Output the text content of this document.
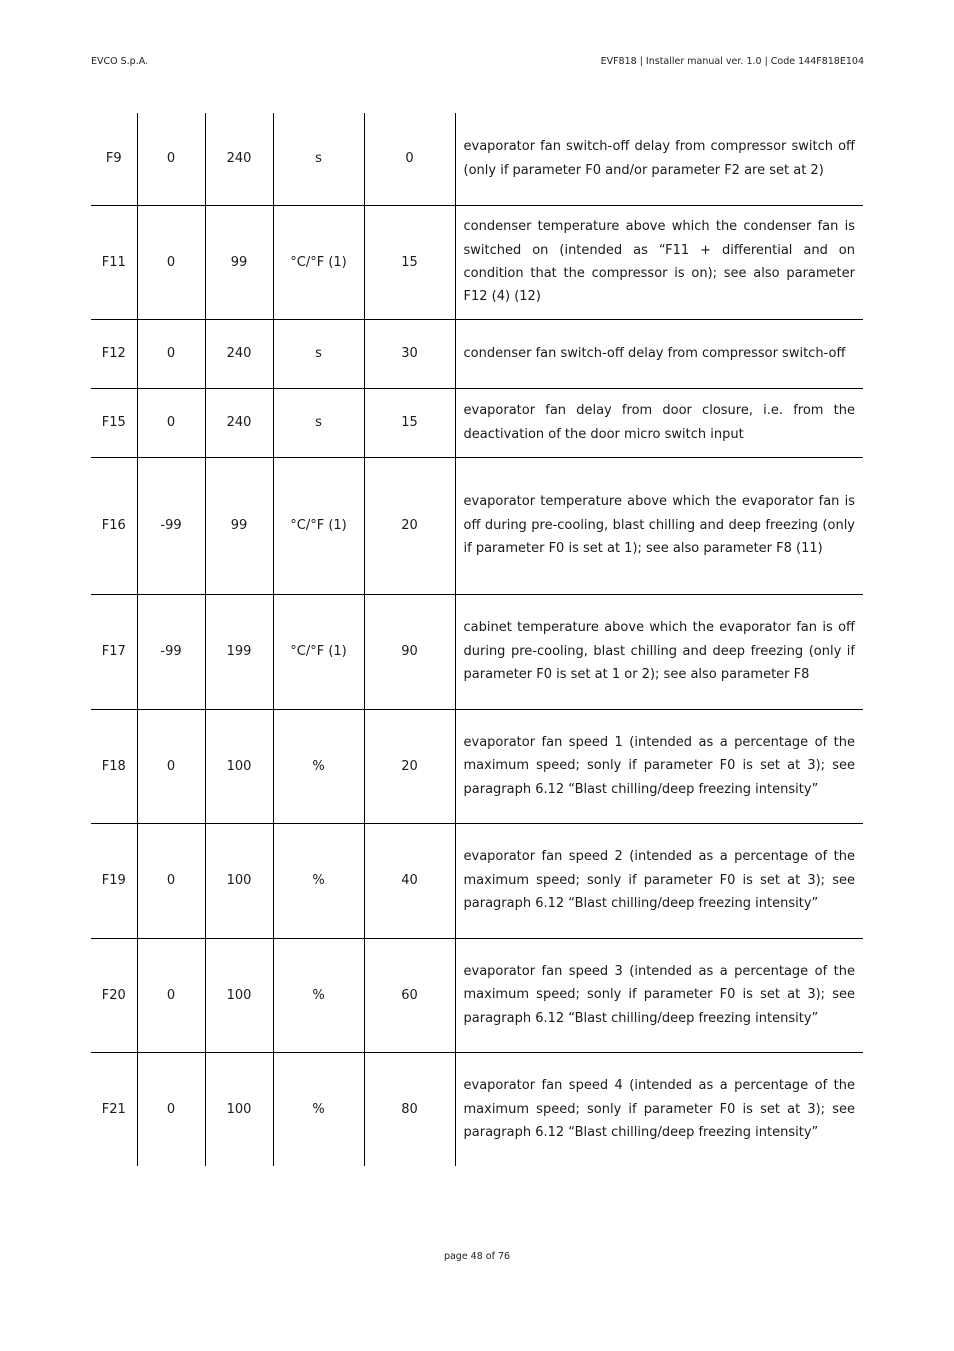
EVCO S.p.A.	EVF818 | Installer manual ver. 1.0 | Code 144F818E104
F9	0	240	s	0	evaporator fan switch-off delay from compressor switch off (only if parameter F0 and/or parameter F2 are set at 2)
F11	0	99	°C/°F (1)	15	condenser temperature above which the condenser fan is switched on (intended as “F11 + differential and on condition that the compressor is on); see also parameter F12 (4) (12)
F12	0	240	s	30	condenser fan switch-off delay from compressor switch-off
F15	0	240	s	15	evaporator fan delay from door closure, i.e. from the deactivation of the door micro switch input
F16	-99	99	°C/°F (1)	20	evaporator temperature above which the evaporator fan is off during pre-cooling, blast chilling and deep freezing (only if parameter F0 is set at 1); see also parameter F8 (11)
F17	-99	199	°C/°F (1)	90	cabinet temperature above which the evaporator fan is off during pre-cooling, blast chilling and deep freezing (only if parameter F0 is set at 1 or 2); see also parameter F8
F18	0	100	%	20	evaporator fan speed 1 (intended as a percentage of the maximum speed; sonly if parameter F0 is set at 3); see paragraph 6.12 “Blast chilling/deep freezing intensity”
F19	0	100	%	40	evaporator fan speed 2 (intended as a percentage of the maximum speed; sonly if parameter F0 is set at 3); see paragraph 6.12 “Blast chilling/deep freezing intensity”
F20	0	100	%	60	evaporator fan speed 3 (intended as a percentage of the maximum speed; sonly if parameter F0 is set at 3); see paragraph 6.12 “Blast chilling/deep freezing intensity”
F21	0	100	%	80	evaporator fan speed 4 (intended as a percentage of the maximum speed; sonly if parameter F0 is set at 3); see paragraph 6.12 “Blast chilling/deep freezing intensity”
page 48 of 76
